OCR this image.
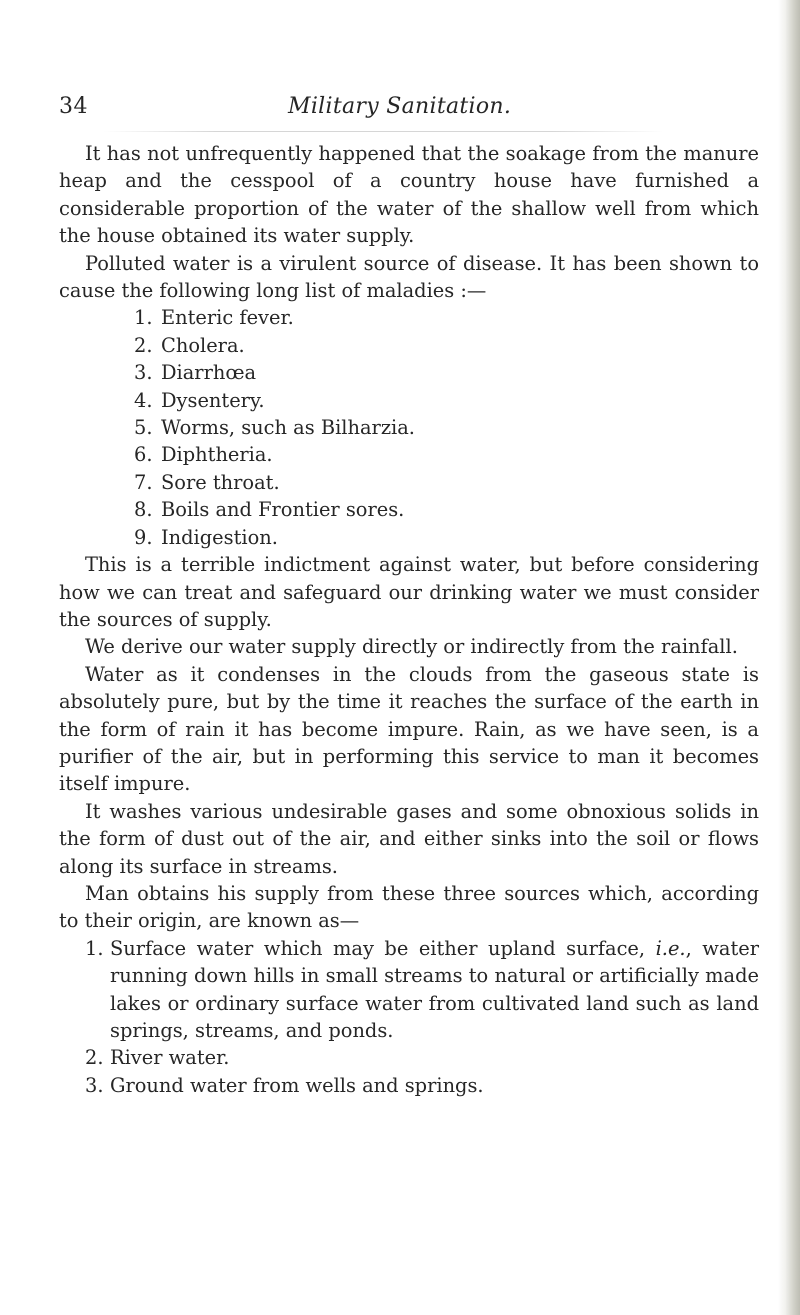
34	Military Sanitation.

It has not unfrequently happened that the soakage from the manure heap and the cesspool of a country house have furnished a considerable proportion of the water of the shallow well from which the house obtained its water supply.

Polluted water is a virulent source of disease. It has been shown to cause the following long list of maladies :—

1. Enteric fever.
2. Cholera.
3. Diarrhœa
4. Dysentery.
5. Worms, such as Bilharzia.
6. Diphtheria.
7. Sore throat.
8. Boils and Frontier sores.
9. Indigestion.

This is a terrible indictment against water, but before considering how we can treat and safeguard our drinking water we must consider the sources of supply.

We derive our water supply directly or indirectly from the rainfall.

Water as it condenses in the clouds from the gaseous state is absolutely pure, but by the time it reaches the surface of the earth in the form of rain it has become impure. Rain, as we have seen, is a purifier of the air, but in performing this service to man it becomes itself impure.

It washes various undesirable gases and some obnoxious solids in the form of dust out of the air, and either sinks into the soil or flows along its surface in streams.

Man obtains his supply from these three sources which, according to their origin, are known as—

1. Surface water which may be either upland surface, i.e., water running down hills in small streams to natural or artificially made lakes or ordinary surface water from cultivated land such as land springs, streams, and ponds.
2. River water.
3. Ground water from wells and springs.
